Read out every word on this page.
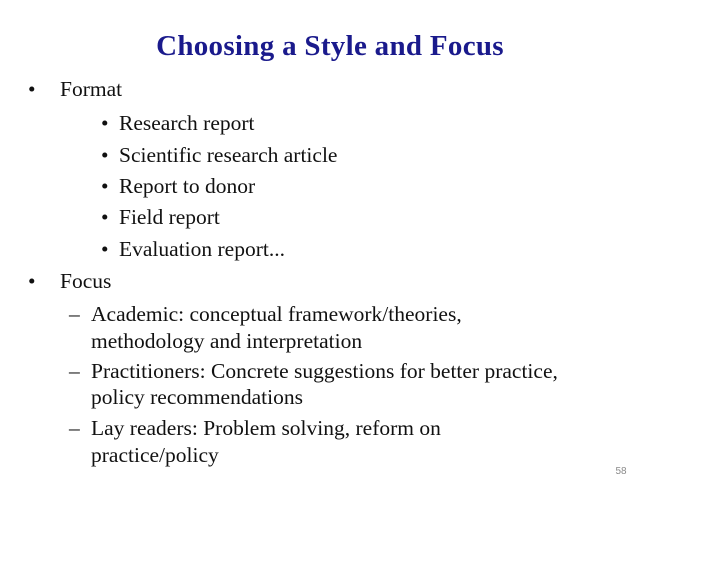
Choosing a Style and Focus
• Format
• Research report
• Scientific research article
• Report to donor
• Field report
• Evaluation report...
• Focus
– Academic: conceptual framework/theories,
methodology and interpretation
– Practitioners: Concrete suggestions for better practice,
policy recommendations
– Lay readers: Problem solving, reform on
practice/policy
58
